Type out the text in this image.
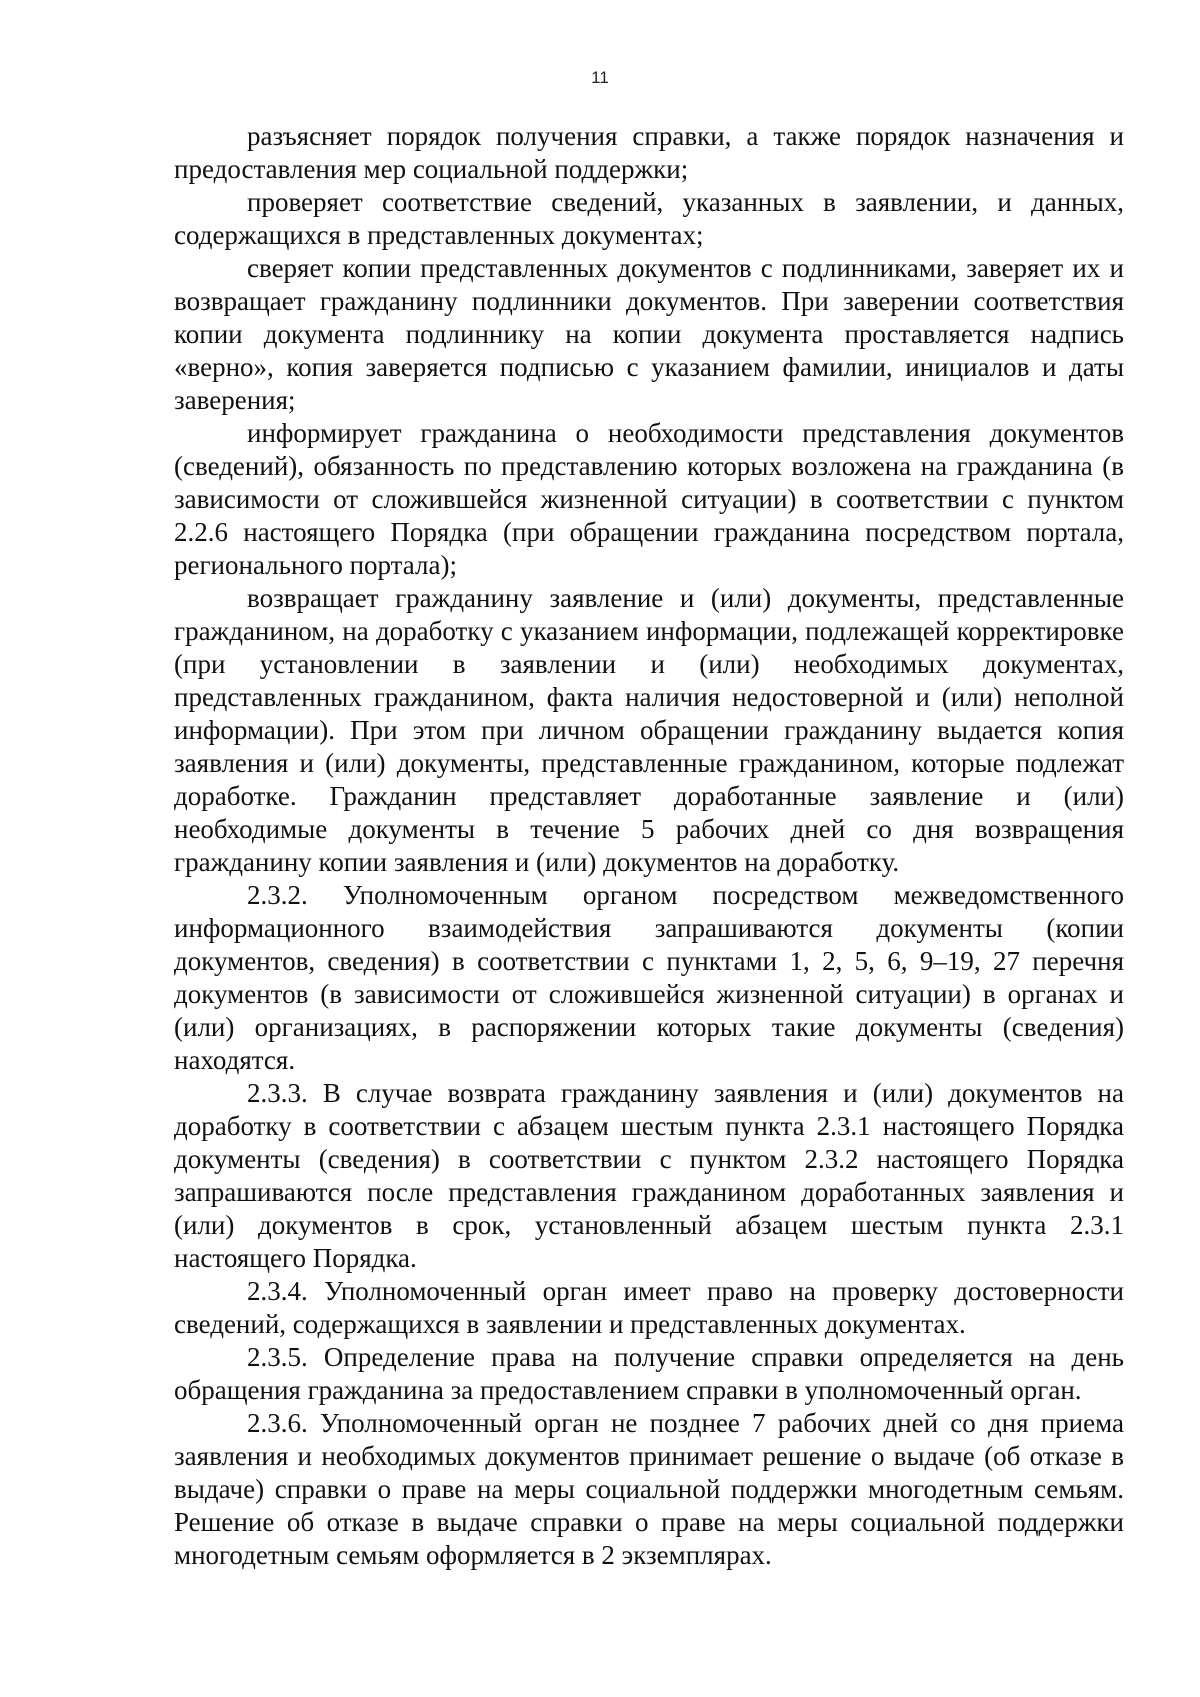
11

разъясняет порядок получения справки, а также порядок назначения и предоставления мер социальной поддержки;

проверяет соответствие сведений, указанных в заявлении, и данных, содержащихся в представленных документах;

сверяет копии представленных документов с подлинниками, заверяет их и возвращает гражданину подлинники документов. При заверении соответствия копии документа подлиннику на копии документа проставляется надпись «верно», копия заверяется подписью с указанием фамилии, инициалов и даты заверения;

информирует гражданина о необходимости представления документов (сведений), обязанность по представлению которых возложена на гражданина (в зависимости от сложившейся жизненной ситуации) в соответствии с пунктом 2.2.6 настоящего Порядка (при обращении гражданина посредством портала, регионального портала);

возвращает гражданину заявление и (или) документы, представленные гражданином, на доработку с указанием информации, подлежащей корректировке (при установлении в заявлении и (или) необходимых документах, представленных гражданином, факта наличия недостоверной и (или) неполной информации). При этом при личном обращении гражданину выдается копия заявления и (или) документы, представленные гражданином, которые подлежат доработке. Гражданин представляет доработанные заявление и (или) необходимые документы в течение 5 рабочих дней со дня возвращения гражданину копии заявления и (или) документов на доработку.

2.3.2. Уполномоченным органом посредством межведомственного информационного взаимодействия запрашиваются документы (копии документов, сведения) в соответствии с пунктами 1, 2, 5, 6, 9–19, 27 перечня документов (в зависимости от сложившейся жизненной ситуации) в органах и (или) организациях, в распоряжении которых такие документы (сведения) находятся.

2.3.3. В случае возврата гражданину заявления и (или) документов на доработку в соответствии с абзацем шестым пункта 2.3.1 настоящего Порядка документы (сведения) в соответствии с пунктом 2.3.2 настоящего Порядка запрашиваются после представления гражданином доработанных заявления и (или) документов в срок, установленный абзацем шестым пункта 2.3.1 настоящего Порядка.

2.3.4. Уполномоченный орган имеет право на проверку достоверности сведений, содержащихся в заявлении и представленных документах.

2.3.5. Определение права на получение справки определяется на день обращения гражданина за предоставлением справки в уполномоченный орган.

2.3.6. Уполномоченный орган не позднее 7 рабочих дней со дня приема заявления и необходимых документов принимает решение о выдаче (об отказе в выдаче) справки о праве на меры социальной поддержки многодетным семьям. Решение об отказе в выдаче справки о праве на меры социальной поддержки многодетным семьям оформляется в 2 экземплярах.
